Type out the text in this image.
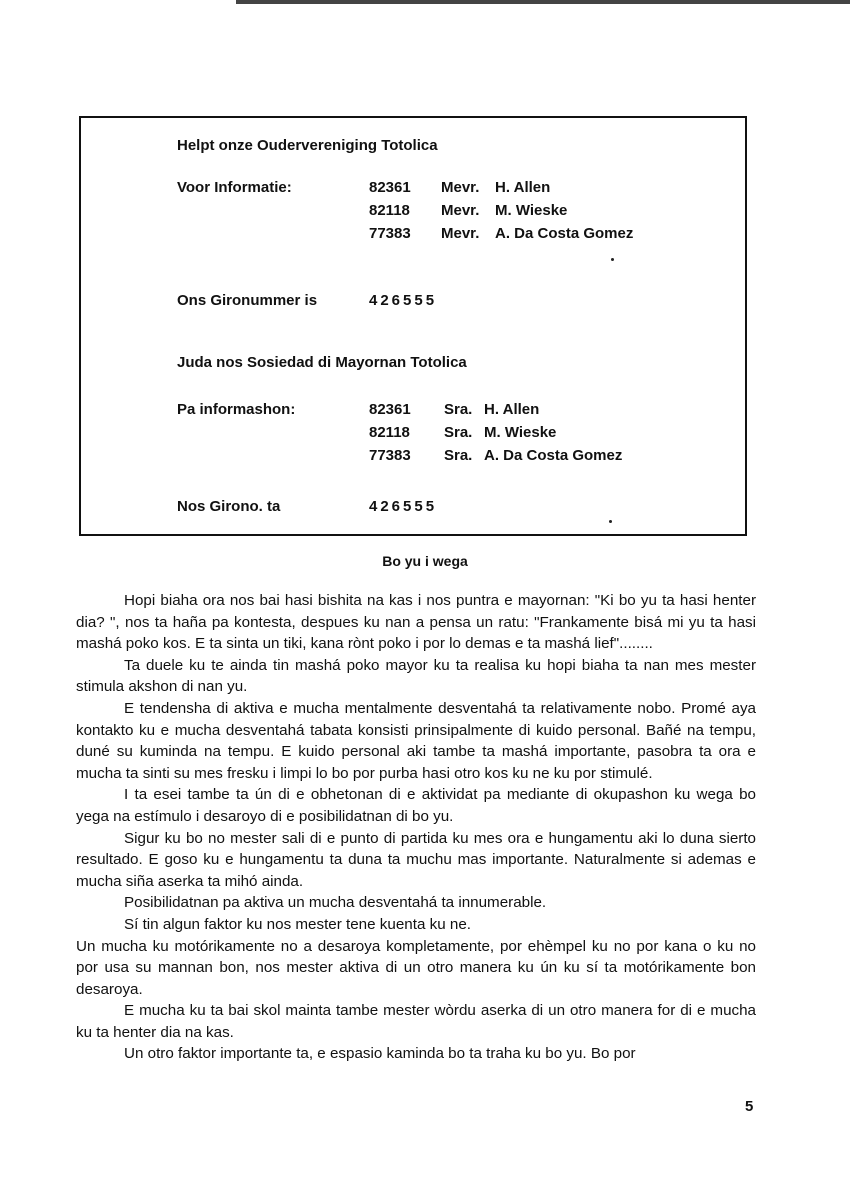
Helpt onze Oudervereniging Totolica
Voor Informatie:	82361 Mevr. H. Allen
82118 Mevr. M. Wieske
77383 Mevr. A. Da Costa Gomez
Ons Gironummer is	426555
Juda nos Sosiedad di Mayornan Totolica
Pa informashon:	82361 Sra. H. Allen
82118 Sra. M. Wieske
77383 Sra. A. Da Costa Gomez
Nos Girono. ta	426555
Bo yu i wega

Hopi biaha ora nos bai hasi bishita na kas i nos puntra e mayornan: "Ki bo yu ta hasi henter dia? ", nos ta haña pa kontesta, despues ku nan a pensa un ratu: "Frankamente bisá mi yu ta hasi mashá poko kos. E ta sinta un tiki, kana rònt poko i por lo demas e ta mashá lief"........

Ta duele ku te ainda tin mashá poko mayor ku ta realisa ku hopi biaha ta nan mes mester stimula akshon di nan yu.

E tendensha di aktiva e mucha mentalmente desventahá ta relativamente nobo. Promé aya kontakto ku e mucha desventahá tabata konsisti prinsipalmente di kuido personal. Bañé na tempu, duné su kuminda na tempu. E kuido personal aki tambe ta mashá importante, pasobra ta ora e mucha ta sinti su mes fresku i limpi lo bo por purba hasi otro kos ku ne ku por stimulé.

I ta esei tambe ta ún di e obhetonan di e aktividat pa mediante di okupashon ku wega bo yega na estímulo i desaroyo di e posibilidatnan di bo yu.

Sigur ku bo no mester sali di e punto di partida ku mes ora e hungamentu aki lo duna sierto resultado. E goso ku e hungamentu ta duna ta muchu mas importante. Naturalmente si ademas e mucha siña aserka ta mihó ainda.

Posibilidatnan pa aktiva un mucha desventahá ta innumerable.

Sí tin algun faktor ku nos mester tene kuenta ku ne.

Un mucha ku motórikamente no a desaroya kompletamente, por ehèmpel ku no por kana o ku no por usa su mannan bon, nos mester aktiva di un otro manera ku ún ku sí ta motórikamente bon desaroya.

E mucha ku ta bai skol mainta tambe mester wòrdu aserka di un otro manera for di e mucha ku ta henter dia na kas.

Un otro faktor importante ta, e espasio kaminda bo ta traha ku bo yu. Bo por

5
